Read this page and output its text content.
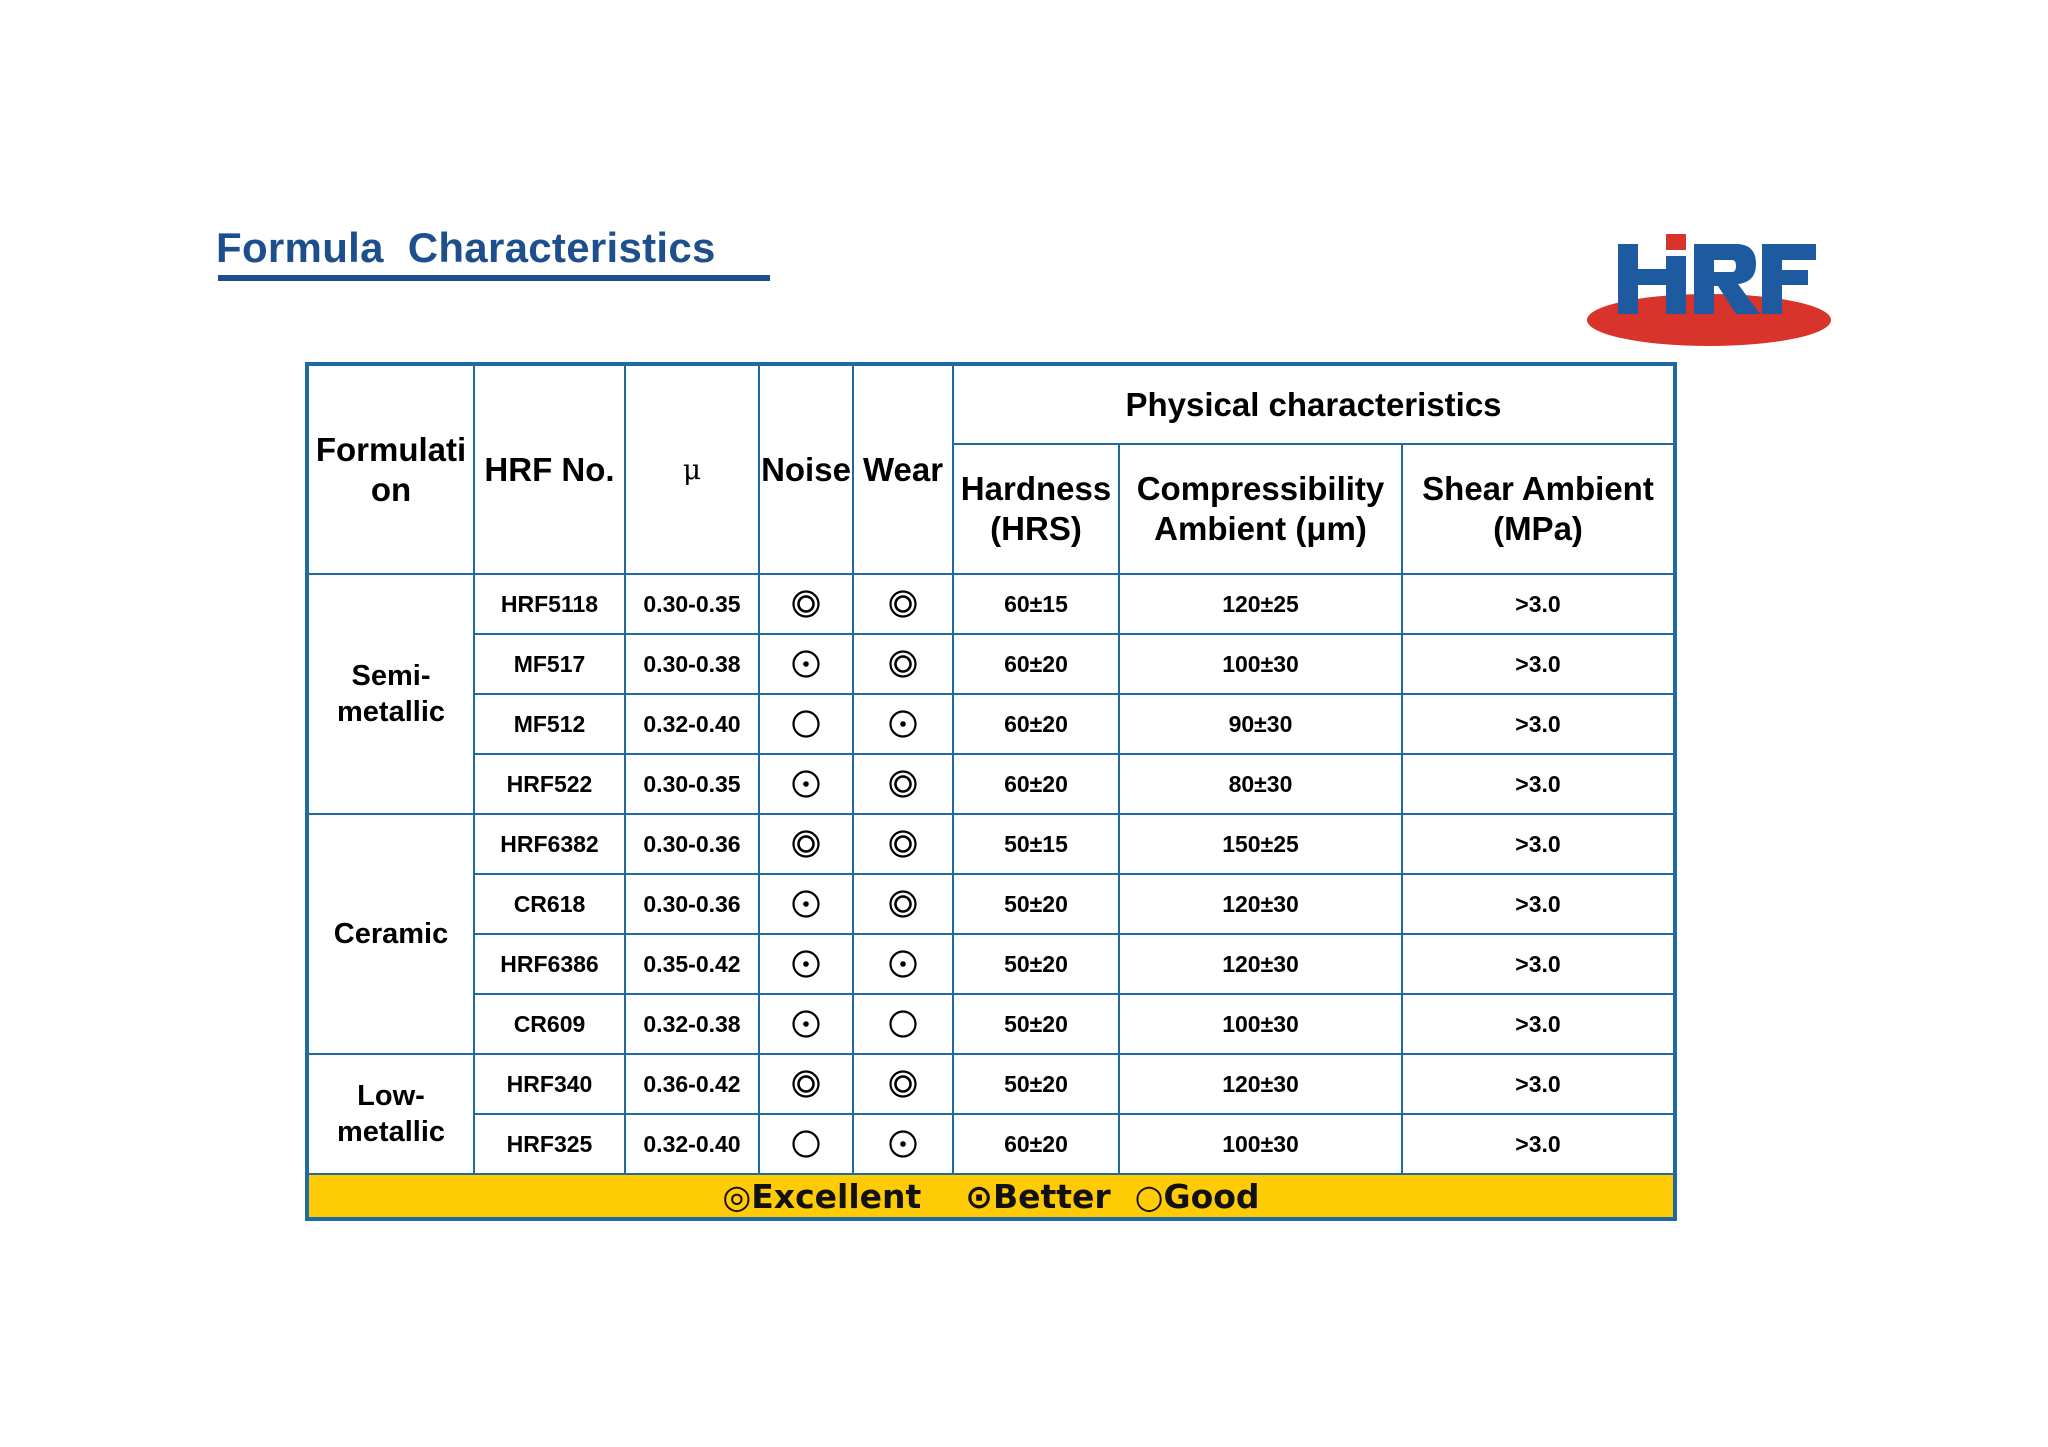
Formula  Characteristics
Formulati on	HRF No.	μ	Noise	Wear	Physical characteristics		
					Hardness (HRS)	Compressibility Ambient (μm)	Shear Ambient (MPa)
Semi- metallic	HRF5118	0.30-0.35			60±15	120±25	>3.0
	MF517	0.30-0.38			60±20	100±30	>3.0
	MF512	0.32-0.40			60±20	90±30	>3.0
	HRF522	0.30-0.35			60±20	80±30	>3.0
Ceramic	HRF6382	0.30-0.36			50±15	150±25	>3.0
	CR618	0.30-0.36			50±20	120±30	>3.0
	HRF6386	0.35-0.42			50±20	120±30	>3.0
	CR609	0.32-0.38			50±20	100±30	>3.0
Low- metallic	HRF340	0.36-0.42			50±20	120±30	>3.0
	HRF325	0.32-0.40			60±20	100±30	>3.0

◎Excellent ⊙Better ○Good							
